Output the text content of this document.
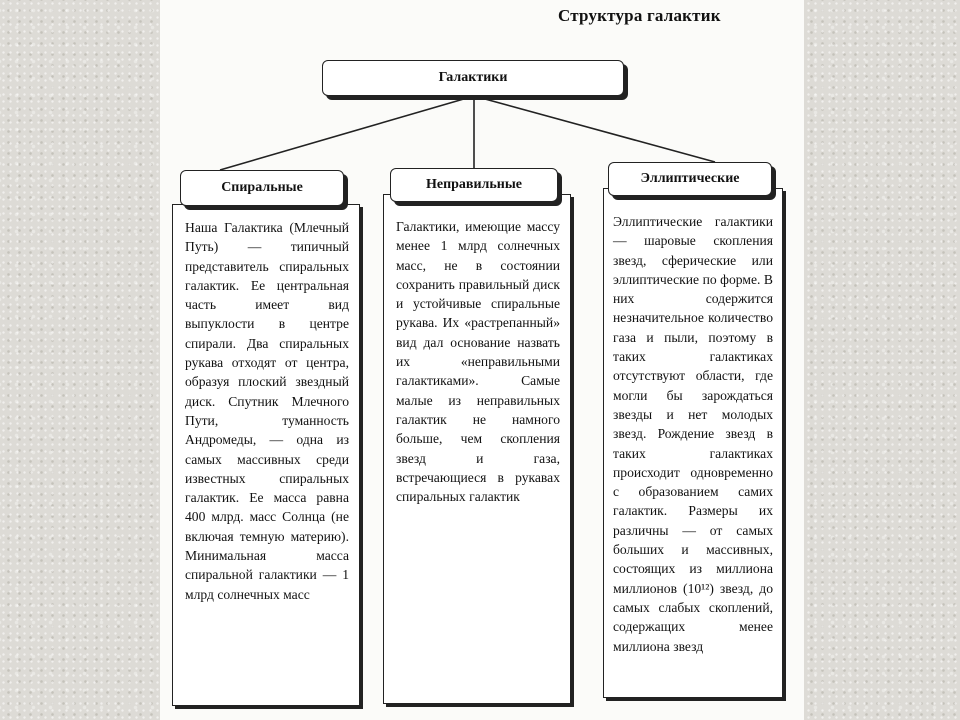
Структура галактик
Галактики
Спиральные
Наша Галактика (Млечный Путь) — типичный представитель спиральных галактик. Ее центральная часть имеет вид выпуклости в центре спирали. Два спиральных рукава отходят от центра, образуя плоский звездный диск. Спутник Млечного Пути, туманность Андромеды, — одна из самых массивных среди известных спиральных галактик. Ее масса равна 400 млрд. масс Солнца (не включая темную материю). Минимальная масса спиральной галактики — 1 млрд солнечных масс
Неправильные
Галактики, имеющие массу менее 1 млрд солнечных масс, не в состоянии сохранить правильный диск и устойчивые спиральные рукава. Их «растрепанный» вид дал основание назвать их «неправильными галактиками». Самые малые из неправильных галактик не намного больше, чем скопления звезд и газа, встречающиеся в рукавах спиральных галактик
Эллиптические
Эллиптические галактики — шаровые скопления звезд, сферические или эллиптические по форме. В них содержится незначительное количество газа и пыли, поэтому в таких галактиках отсутствуют области, где могли бы зарождаться звезды и нет молодых звезд. Рождение звезд в таких галактиках происходит одновременно с образованием самих галактик. Размеры их различны — от самых больших и массивных, состоящих из миллиона миллионов (10¹²) звезд, до самых слабых скоплений, содержащих менее миллиона звезд
